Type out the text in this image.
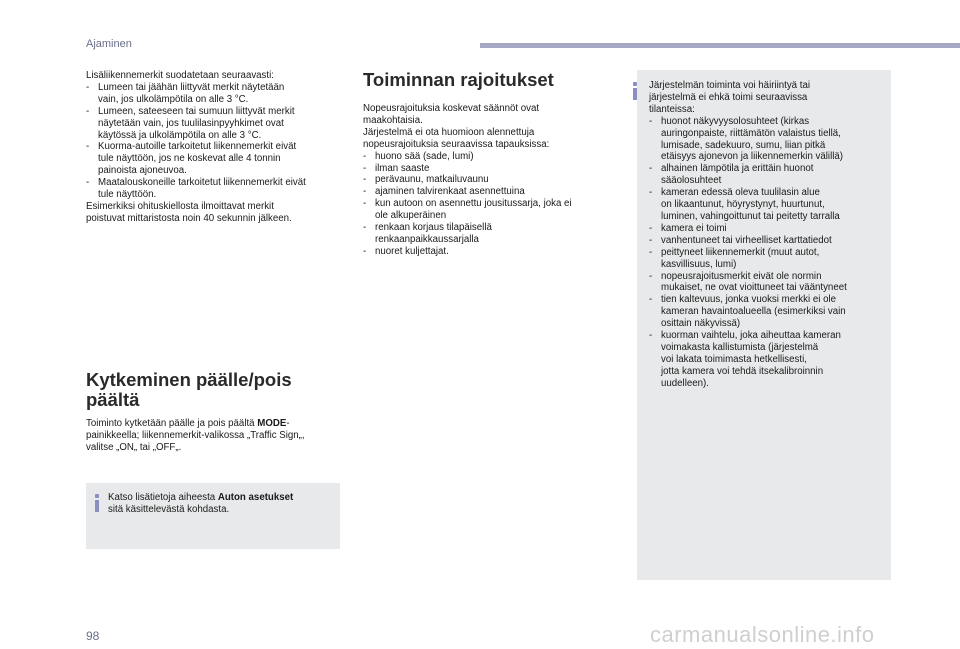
Ajaminen
Lisäliikennemerkit suodatetaan seuraavasti:
- Lumeen tai jäähän liittyvät merkit näytetään
vain, jos ulkolämpötila on alle 3 °C.
- Lumeen, sateeseen tai sumuun liittyvät merkit
näytetään vain, jos tuulilasinpyyhkimet ovat
käytössä ja ulkolämpötila on alle 3 °C.
- Kuorma-autoille tarkoitetut liikennemerkit eivät
tule näyttöön, jos ne koskevat alle 4 tonnin
painoista ajoneuvoa.
- Maatalouskoneille tarkoitetut liikennemerkit eivät
tule näyttöön.
Esimerkiksi ohituskiellosta ilmoittavat merkit
poistuvat mittaristosta noin 40 sekunnin jälkeen.
Kytkeminen päälle/pois
päältä
Toiminto kytketään päälle ja pois päältä MODE-
painikkeella; liikennemerkit-valikossa „Traffic Sign„,
valitse „ON„ tai „OFF„.
Katso lisätietoja aiheesta Auton asetukset
sitä käsittelevästä kohdasta.
Toiminnan rajoitukset
Nopeusrajoituksia koskevat säännöt ovat
maakohtaisia.
Järjestelmä ei ota huomioon alennettuja
nopeusrajoituksia seuraavissa tapauksissa:
- huono sää (sade, lumi)
- ilman saaste
- perävaunu, matkailuvaunu
- ajaminen talvirenkaat asennettuina
- kun autoon on asennettu jousitussarja, joka ei
ole alkuperäinen
- renkaan korjaus tilapäisellä
renkaanpaikkaussarjalla
- nuoret kuljettajat.
Järjestelmän toiminta voi häiriintyä tai
järjestelmä ei ehkä toimi seuraavissa
tilanteissa:
- huonot näkyvyysolosuhteet (kirkas
auringonpaiste, riittämätön valaistus tiellä,
lumisade, sadekuuro, sumu, liian pitkä
etäisyys ajonevon ja liikennemerkin välillä)
- alhainen lämpötila ja erittäin huonot
sääolosuhteet
- kameran edessä oleva tuulilasin alue
on likaantunut, höyrystynyt, huurtunut,
luminen, vahingoittunut tai peitetty tarralla
- kamera ei toimi
- vanhentuneet tai virheelliset karttatiedot
- peittyneet liikennemerkit (muut autot,
kasvillisuus, lumi)
- nopeusrajoitusmerkit eivät ole normin
mukaiset, ne ovat vioittuneet tai vääntyneet
- tien kaltevuus, jonka vuoksi merkki ei ole
kameran havaintoalueella (esimerkiksi vain
osittain näkyvissä)
- kuorman vaihtelu, joka aiheuttaa kameran
voimakasta kallistumista (järjestelmä
voi lakata toimimasta hetkellisesti,
jotta kamera voi tehdä itsekalibroinnin
uudelleen).
98	carmanualsonline.info
